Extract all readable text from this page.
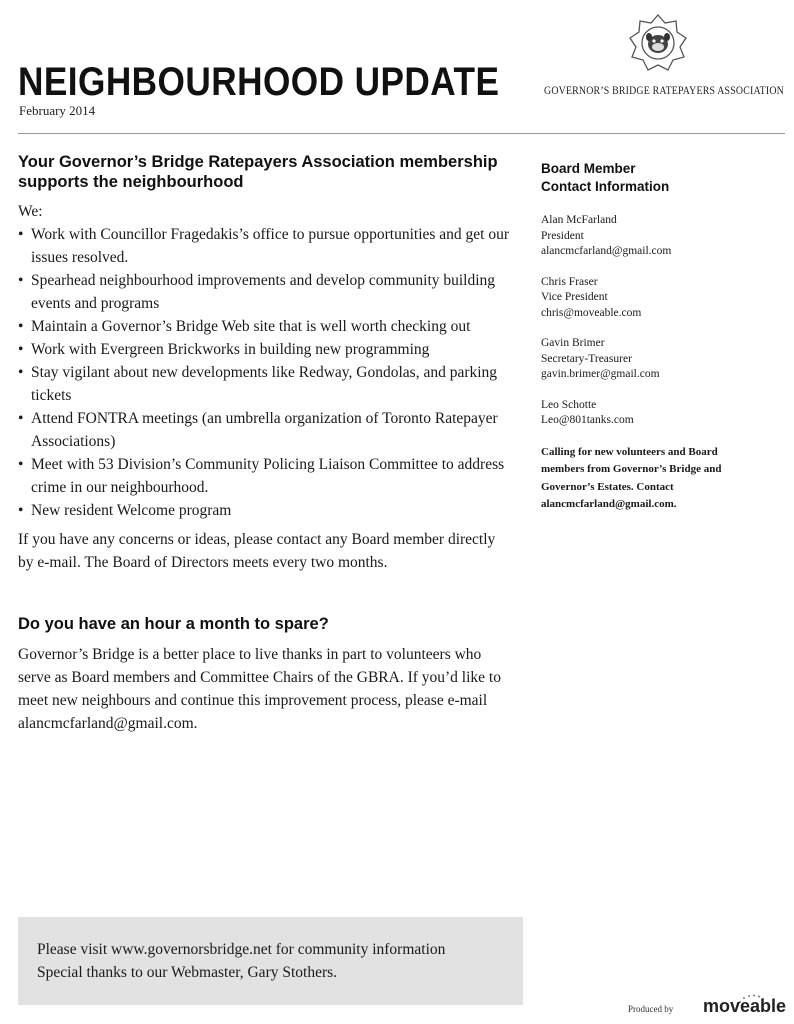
NEIGHBOURHOOD UPDATE
February 2014
GOVERNOR’S BRIDGE RATEPAYERS ASSOCIATION
Your Governor’s Bridge Ratepayers Association membership supports the neighbourhood
We:
• Work with Councillor Fragedakis’s office to pursue opportunities and get our issues resolved.
• Spearhead neighbourhood improvements and develop community building events and programs
• Maintain a Governor’s Bridge Web site that is well worth checking out
• Work with Evergreen Brickworks in building new programming
• Stay vigilant about new developments like Redway, Gondolas, and parking tickets
• Attend FONTRA meetings (an umbrella organization of Toronto Ratepayer Associations)
• Meet with 53 Division’s Community Policing Liaison Committee to address crime in our neighbourhood.
• New resident Welcome program

If you have any concerns or ideas, please contact any Board member directly by e-mail. The Board of Directors meets every two months.

Do you have an hour a month to spare?

Governor’s Bridge is a better place to live thanks in part to volunteers who serve as Board members and Committee Chairs of the GBRA. If you’d like to meet new neighbours and continue this improvement process, please e-mail alancmcfarland@gmail.com.

Board Member
Contact Information
Alan McFarland
President
alancmcfarland@gmail.com
Chris Fraser
Vice President
chris@moveable.com
Gavin Brimer
Secretary-Treasurer
gavin.brimer@gmail.com
Leo Schotte
Leo@801tanks.com
Calling for new volunteers and Board members from Governor’s Bridge and Governor’s Estates. Contact alancmcfarland@gmail.com.
Please visit www.governorsbridge.net for community information
Special thanks to our Webmaster, Gary Stothers.
Produced by moveable
